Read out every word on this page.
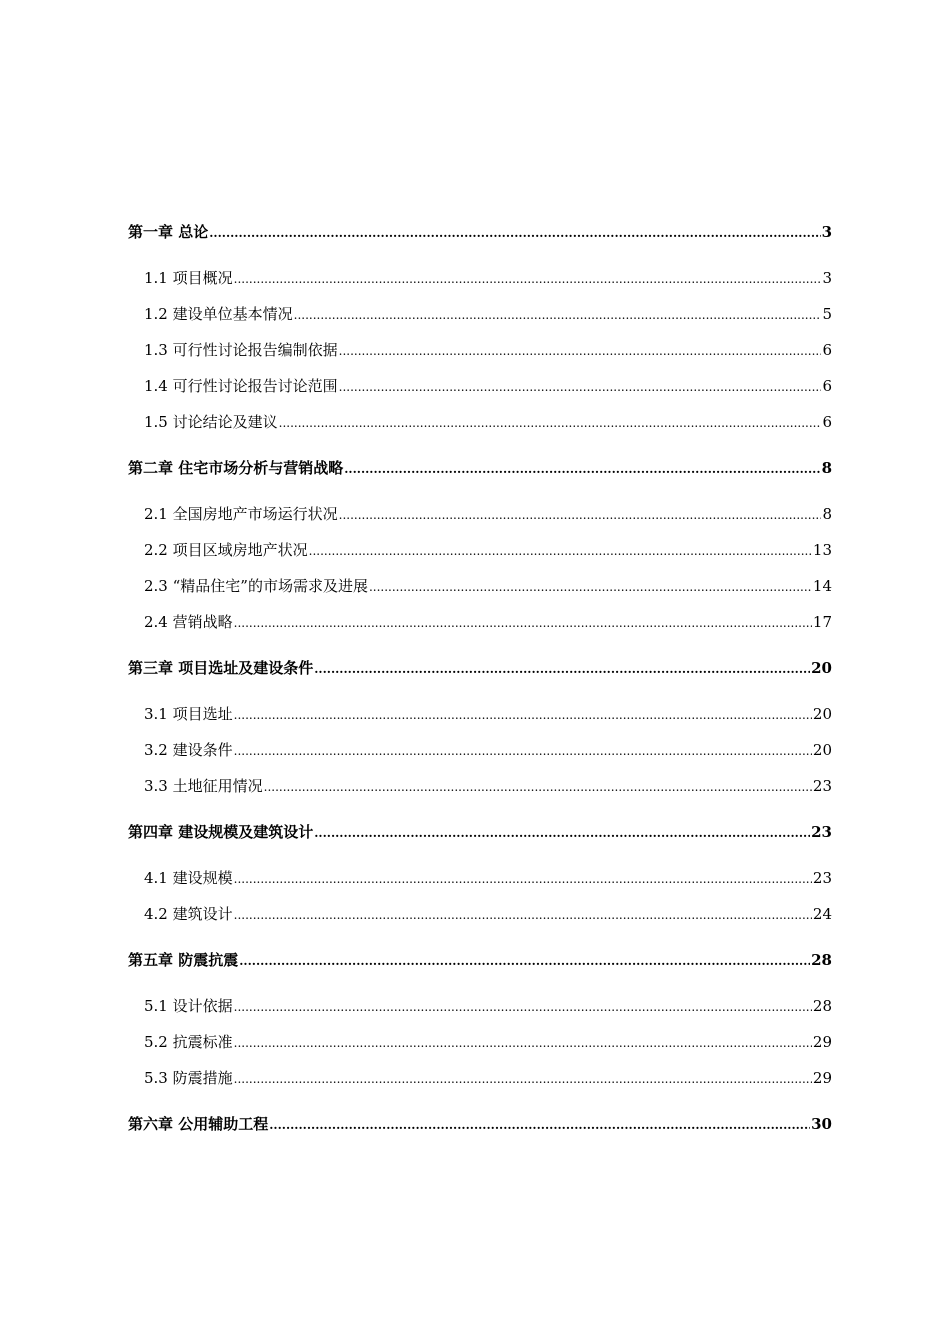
第一章 总论 .....	3
1.1 项目概况 .....	3
1.2 建设单位基本情况 .....	5
1.3 可行性讨论报告编制依据 .....	6
1.4 可行性讨论报告讨论范围 .....	6
1.5 讨论结论及建议 .....	6
第二章 住宅市场分析与营销战略 .....	8
2.1 全国房地产市场运行状况 .....	8
2.2 项目区域房地产状况 .....	13
2.3 “精品住宅”的市场需求及进展 .....	14
2.4 营销战略 .....	17
第三章 项目选址及建设条件 .....	20
3.1 项目选址 .....	20
3.2 建设条件 .....	20
3.3 土地征用情况 .....	23
第四章 建设规模及建筑设计 .....	23
4.1 建设规模 .....	23
4.2 建筑设计 .....	24
第五章 防震抗震 .....	28
5.1 设计依据 .....	28
5.2 抗震标准 .....	29
5.3 防震措施 .....	29
第六章 公用辅助工程 .....	30
